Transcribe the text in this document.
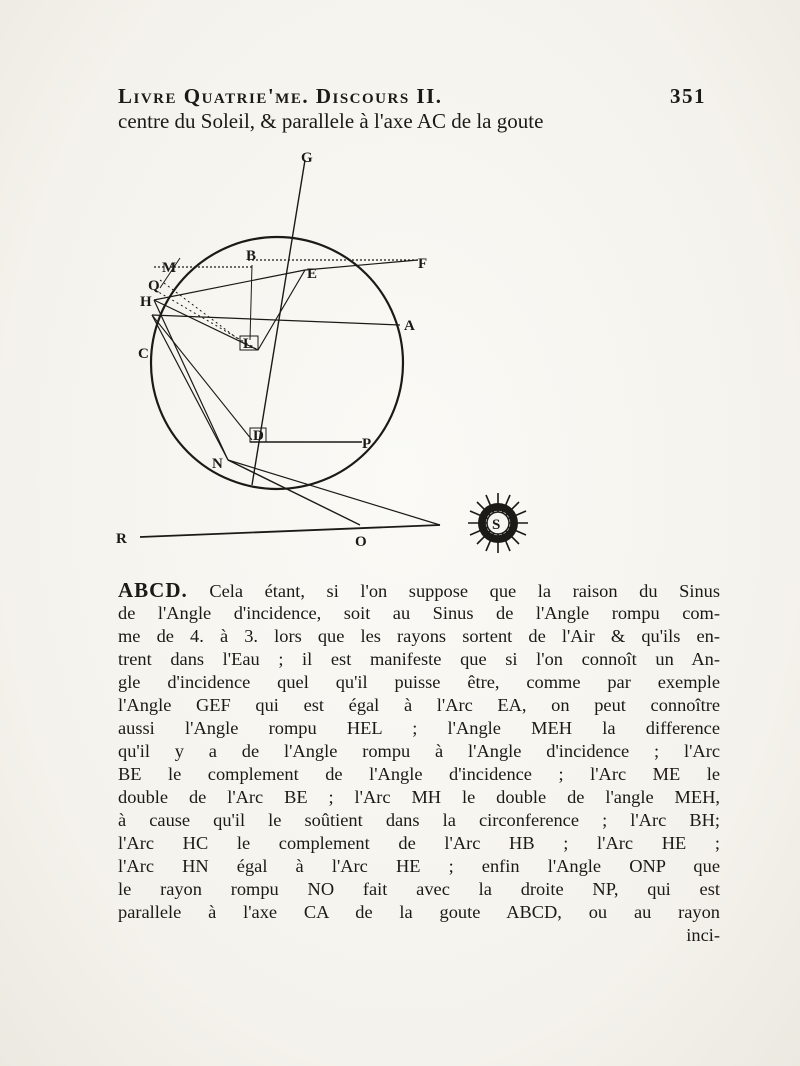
Livre Quatrie'me. Discours II.	351
centre du Soleil, & parallele à l'axe AC de la goute
G
B	F
M	E
Q
H
A
C
L
D	P
N
R	O
S
ABCD. Cela étant, si l'on suppose que la raison du Sinus
de l'Angle d'incidence, soit au Sinus de l'Angle rompu com-
me de 4. à 3. lors que les rayons sortent de l'Air & qu'ils en-
trent dans l'Eau ; il est manifeste que si l'on connoît un An-
gle d'incidence quel qu'il puisse être, comme par exemple
l'Angle GEF qui est égal à l'Arc EA, on peut connoître
aussi l'Angle rompu HEL ; l'Angle MEH la difference
qu'il y a de l'Angle rompu à l'Angle d'incidence ; l'Arc
BE le complement de l'Angle d'incidence ; l'Arc ME le
double de l'Arc BE ; l'Arc MH le double de l'angle MEH,
à cause qu'il le soûtient dans la circonference ; l'Arc BH;
l'Arc HC le complement de l'Arc HB ; l'Arc HE ;
l'Arc HN égal à l'Arc HE ; enfin l'Angle ONP que
le rayon rompu NO fait avec la droite NP, qui est
parallele à l'axe CA de la goute ABCD, ou au rayon
inci-
